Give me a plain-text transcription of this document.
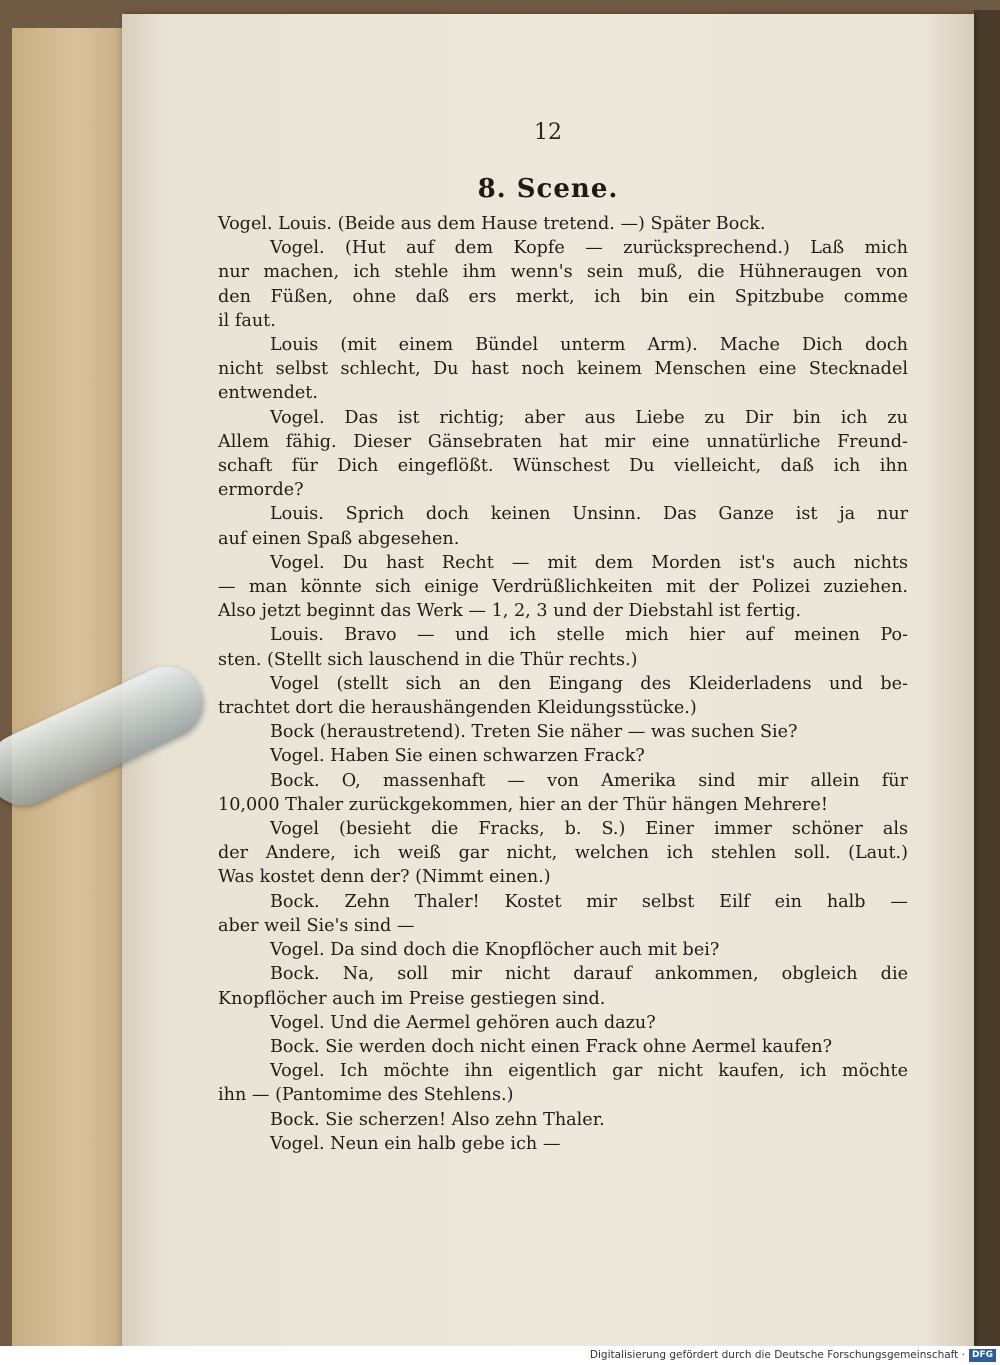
12
8. Scene.
Vogel. Louis. (Beide aus dem Hause tretend. —) Später Bock.
Vogel. (Hut auf dem Kopfe — zurücksprechend.) Laß mich
nur machen, ich stehle ihm wenn's sein muß, die Hühneraugen von
den Füßen, ohne daß ers merkt, ich bin ein Spitzbube comme
il faut.
Louis (mit einem Bündel unterm Arm). Mache Dich doch
nicht selbst schlecht, Du hast noch keinem Menschen eine Stecknadel
entwendet.
Vogel. Das ist richtig; aber aus Liebe zu Dir bin ich zu
Allem fähig. Dieser Gänsebraten hat mir eine unnatürliche Freund-
schaft für Dich eingeflößt. Wünschest Du vielleicht, daß ich ihn
ermorde?
Louis. Sprich doch keinen Unsinn. Das Ganze ist ja nur
auf einen Spaß abgesehen.
Vogel. Du hast Recht — mit dem Morden ist's auch nichts
— man könnte sich einige Verdrüßlichkeiten mit der Polizei zuziehen.
Also jetzt beginnt das Werk — 1, 2, 3 und der Diebstahl ist fertig.
Louis. Bravo — und ich stelle mich hier auf meinen Po-
sten. (Stellt sich lauschend in die Thür rechts.)
Vogel (stellt sich an den Eingang des Kleiderladens und be-
trachtet dort die heraushängenden Kleidungsstücke.)
Bock (heraustretend). Treten Sie näher — was suchen Sie?
Vogel. Haben Sie einen schwarzen Frack?
Bock. O, massenhaft — von Amerika sind mir allein für
10,000 Thaler zurückgekommen, hier an der Thür hängen Mehrere!
Vogel (besieht die Fracks, b. S.) Einer immer schöner als
der Andere, ich weiß gar nicht, welchen ich stehlen soll. (Laut.)
Was kostet denn der? (Nimmt einen.)
Bock. Zehn Thaler! Kostet mir selbst Eilf ein halb —
aber weil Sie's sind —
Vogel. Da sind doch die Knopflöcher auch mit bei?
Bock. Na, soll mir nicht darauf ankommen, obgleich die
Knopflöcher auch im Preise gestiegen sind.
Vogel. Und die Aermel gehören auch dazu?
Bock. Sie werden doch nicht einen Frack ohne Aermel kaufen?
Vogel. Ich möchte ihn eigentlich gar nicht kaufen, ich möchte
ihn — (Pantomime des Stehlens.)
Bock. Sie scherzen! Also zehn Thaler.
Vogel. Neun ein halb gebe ich —
Digitalisierung gefördert durch die Deutsche Forschungsgemeinschaft · DFG
